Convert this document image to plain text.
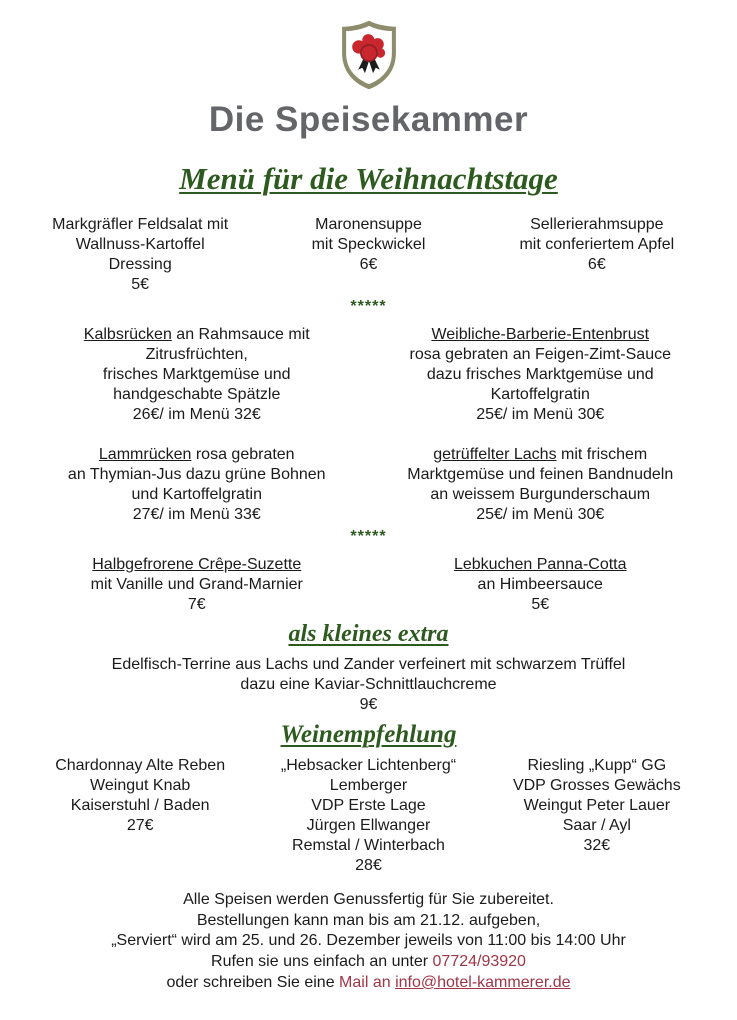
Die Speisekammer
Menü für die Weihnachtstage
Markgräfler Feldsalat mit
Wallnuss-Kartoffel
Dressing
5€
Maronensuppe
mit Speckwickel
6€
Sellerierahmsuppe
mit conferiertem Apfel
6€
*****
Kalbsrücken an Rahmsauce mit
Zitrusfrüchten,
frisches Marktgemüse und
handgeschabte Spätzle
26€/ im Menü 32€
Weibliche-Barberie-Entenbrust
rosa gebraten an Feigen-Zimt-Sauce
dazu frisches Marktgemüse und
Kartoffelgratin
25€/ im Menü 30€
Lammrücken rosa gebraten
an Thymian-Jus dazu grüne Bohnen
und Kartoffelgratin
27€/ im Menü 33€
getrüffelter Lachs mit frischem
Marktgemüse und feinen Bandnudeln
an weissem Burgunderschaum
25€/ im Menü 30€
*****
Halbgefrorene Crêpe-Suzette
mit Vanille und Grand-Marnier
7€
Lebkuchen Panna-Cotta
an Himbeersauce
5€
als kleines extra
Edelfisch-Terrine aus Lachs und Zander verfeinert mit schwarzem Trüffel
dazu eine Kaviar-Schnittlauchcreme
9€
Weinempfehlung
Chardonnay Alte Reben
Weingut Knab
Kaiserstuhl / Baden
27€
„Hebsacker Lichtenberg“
Lemberger
VDP Erste Lage
Jürgen Ellwanger
Remstal / Winterbach
28€
Riesling „Kupp“ GG
VDP Grosses Gewächs
Weingut Peter Lauer
Saar / Ayl
32€
Alle Speisen werden Genussfertig für Sie zubereitet.
Bestellungen kann man bis am 21.12. aufgeben,
„Serviert“ wird am 25. und 26. Dezember jeweils von 11:00 bis 14:00 Uhr
Rufen sie uns einfach an unter 07724/93920
oder schreiben Sie eine Mail an info@hotel-kammerer.de
